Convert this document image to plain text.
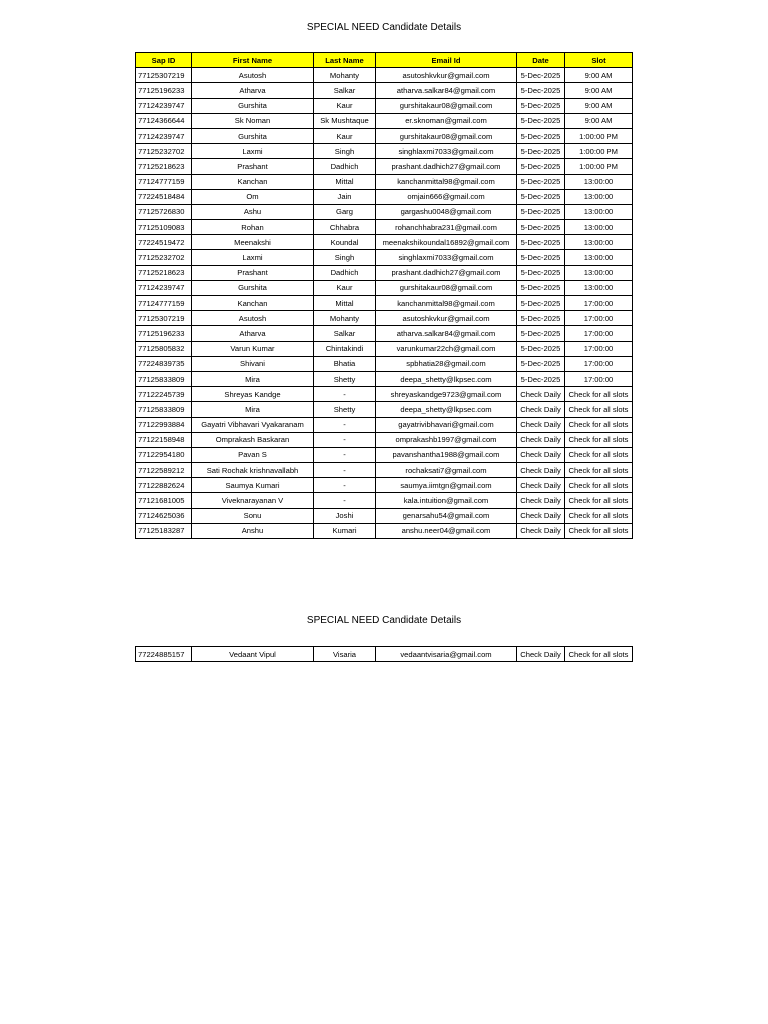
SPECIAL NEED Candidate Details
Sap ID	First Name	Last Name	Email Id	Date	Slot
77125307219	Asutosh	Mohanty	asutoshkvkur@gmail.com	5-Dec-2025	9:00 AM
77125196233	Atharva	Salkar	atharva.salkar84@gmail.com	5-Dec-2025	9:00 AM
77124239747	Gurshita	Kaur	gurshitakaur08@gmail.com	5-Dec-2025	9:00 AM
77124366644	Sk Noman	Sk Mushtaque	er.sknoman@gmail.com	5-Dec-2025	9:00 AM
77124239747	Gurshita	Kaur	gurshitakaur08@gmail.com	5-Dec-2025	1:00:00 PM
77125232702	Laxmi	Singh	singhlaxmi7033@gmail.com	5-Dec-2025	1:00:00 PM
77125218623	Prashant	Dadhich	prashant.dadhich27@gmail.com	5-Dec-2025	1:00:00 PM
77124777159	Kanchan	Mittal	kanchanmittal98@gmail.com	5-Dec-2025	13:00:00
77224518484	Om	Jain	omjain666@gmail.com	5-Dec-2025	13:00:00
77125726830	Ashu	Garg	gargashu0048@gmail.com	5-Dec-2025	13:00:00
77125109083	Rohan	Chhabra	rohanchhabra231@gmail.com	5-Dec-2025	13:00:00
77224519472	Meenakshi	Koundal	meenakshikoundal16892@gmail.com	5-Dec-2025	13:00:00
77125232702	Laxmi	Singh	singhlaxmi7033@gmail.com	5-Dec-2025	13:00:00
77125218623	Prashant	Dadhich	prashant.dadhich27@gmail.com	5-Dec-2025	13:00:00
77124239747	Gurshita	Kaur	gurshitakaur08@gmail.com	5-Dec-2025	13:00:00
77124777159	Kanchan	Mittal	kanchanmittal98@gmail.com	5-Dec-2025	17:00:00
77125307219	Asutosh	Mohanty	asutoshkvkur@gmail.com	5-Dec-2025	17:00:00
77125196233	Atharva	Salkar	atharva.salkar84@gmail.com	5-Dec-2025	17:00:00
77125805832	Varun Kumar	Chintakindi	varunkumar22ch@gmail.com	5-Dec-2025	17:00:00
77224839735	Shivani	Bhatia	spbhatia28@gmail.com	5-Dec-2025	17:00:00
77125833809	Mira	Shetty	deepa_shetty@lkpsec.com	5-Dec-2025	17:00:00
77122245739	Shreyas Kandge	-	shreyaskandge9723@gmail.com	Check Daily	Check for all slots
77125833809	Mira	Shetty	deepa_shetty@lkpsec.com	Check Daily	Check for all slots
77122993884	Gayatri Vibhavari Vyakaranam	-	gayatrivibhavari@gmail.com	Check Daily	Check for all slots
77122158948	Omprakash Baskaran	-	omprakashb1997@gmail.com	Check Daily	Check for all slots
77122954180	Pavan S	-	pavanshantha1988@gmail.com	Check Daily	Check for all slots
77122589212	Sati Rochak krishnavallabh	-	rochaksati7@gmail.com	Check Daily	Check for all slots
77122882624	Saumya Kumari	-	saumya.iimtgn@gmail.com	Check Daily	Check for all slots
77121681005	Viveknarayanan V	-	kala.intuition@gmail.com	Check Daily	Check for all slots
77124625036	Sonu	Joshi	genarsahu54@gmail.com	Check Daily	Check for all slots
77125183287	Anshu	Kumari	anshu.neer04@gmail.com	Check Daily	Check for all slots
SPECIAL NEED Candidate Details
77224885157	Vedaant Vipul	Visaria	vedaantvisaria@gmail.com	Check Daily	Check for all slots
